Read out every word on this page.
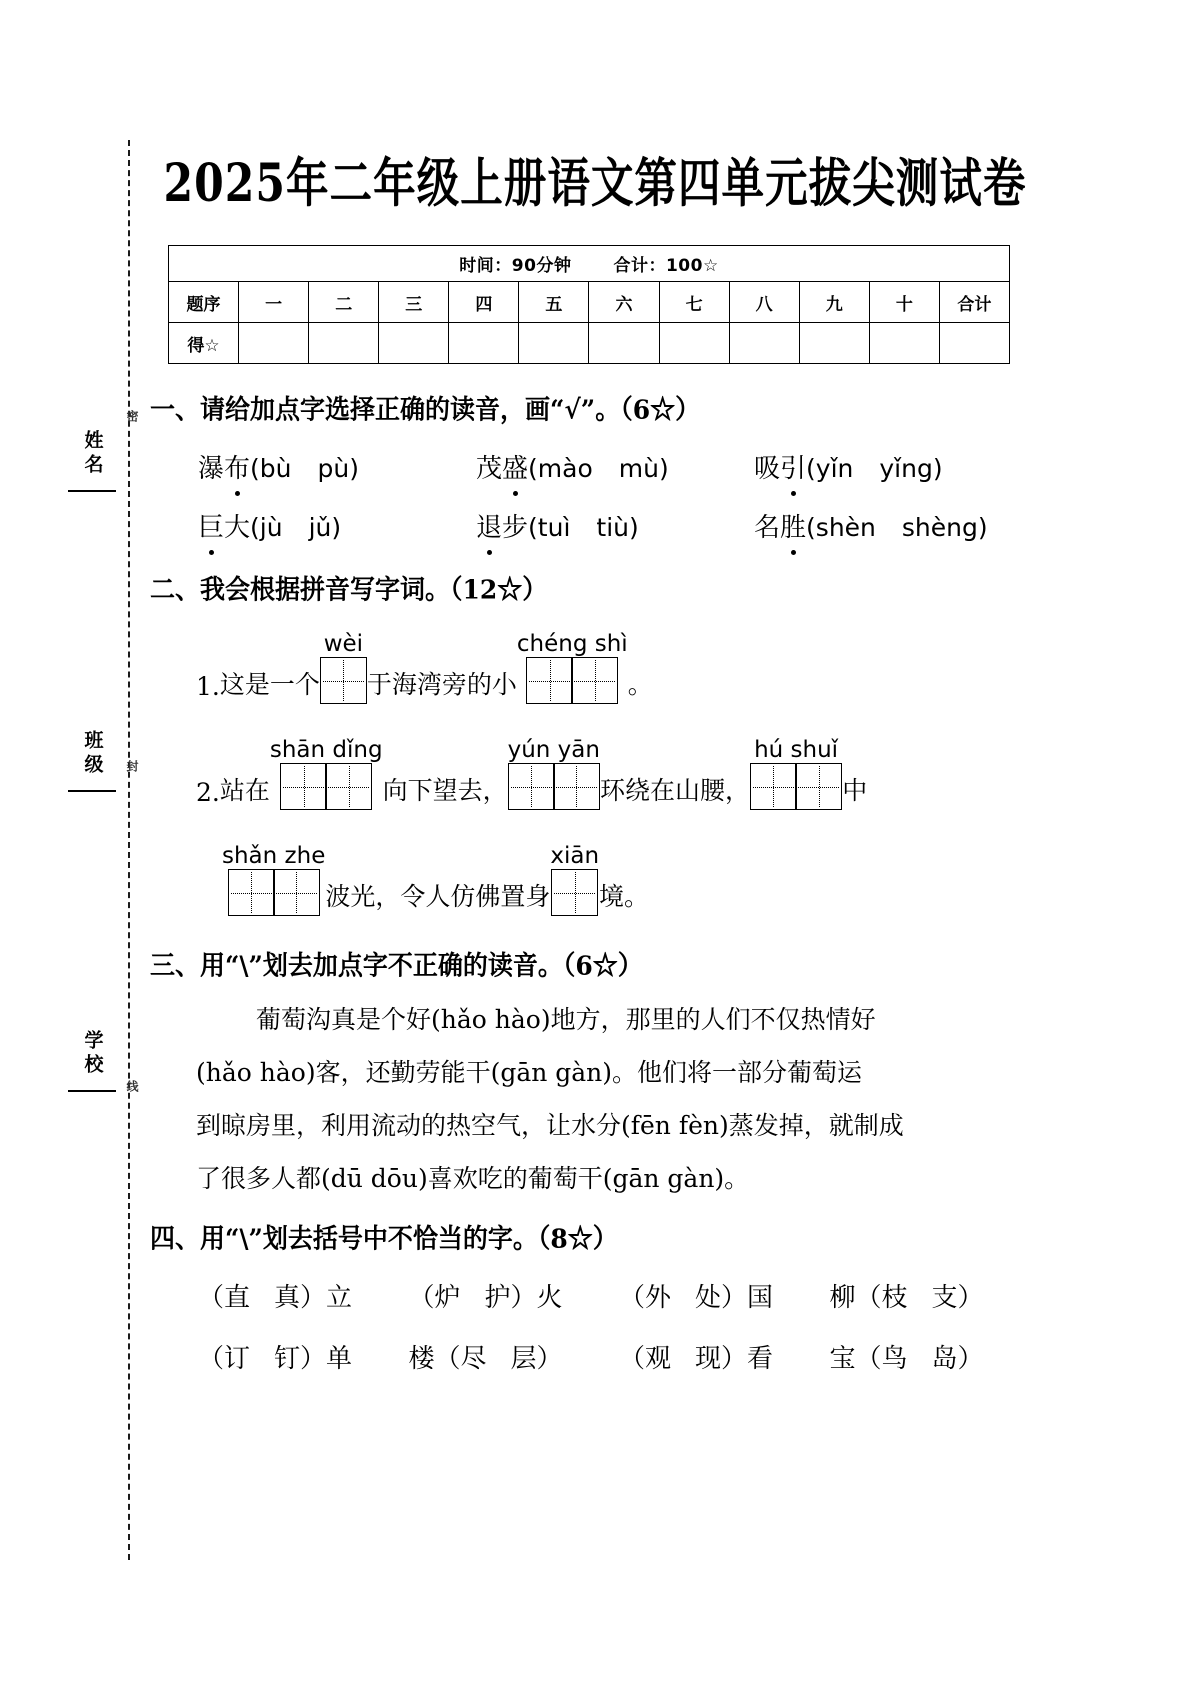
姓名
班级
学校
密
封
线
2025年二年级上册语文第四单元拔尖测试卷
时间：90分钟 合计：100☆											

题序	一	二	三	四	五	六	七	八	九	十	合计
得☆											
一、请给加点字选择正确的读音，画“√”。（6☆）
瀑 布 (bù pù)	茂 盛 (mào mù)	吸 引 (yǐn yǐng)
巨 大 (jù jǔ)	退 步 (tuì tiù)	名 胜 (shèn shèng)
二、我会根据拼音写字词。（12☆）
1. 这是一个
wèi
于海湾旁的小
chéng shì
。
2. 站在
shān dǐng
向下望去，
yún yān
环绕在山腰，
hú shuǐ
中
shǎn zhe
波光，令人仿佛置身
xiān
境。
三、用“\”划去加点字不正确的读音。（6☆）
葡萄沟真是个好(hǎo hào)地方，那里的人们不仅热情好
(hǎo hào)客，还勤劳能干(gān gàn)。他们将一部分葡萄运
到晾房里，利用流动的热空气，让水分(fēn fèn)蒸发掉，就制成
了很多人都(dū dōu)喜欢吃的葡萄干(gān gàn)。
四、用“\”划去括号中不恰当的字。（8☆）
（直 真）立	（炉 护）火	（外 处）国	柳（枝 支）
（订 钉）单	楼（尽 层）	（观 现）看	宝（鸟 岛）
